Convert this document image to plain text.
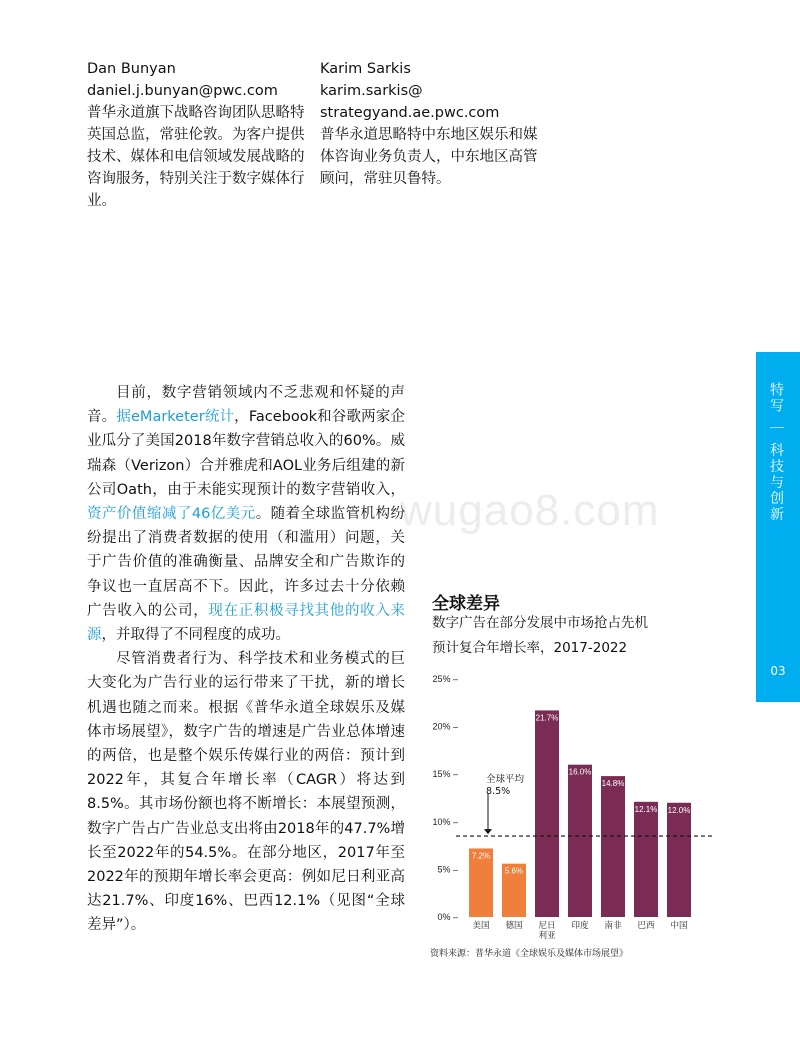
Dan Bunyan
daniel.j.bunyan@pwc.com
普华永道旗下战略咨询团队思略特英国总监，常驻伦敦。为客户提供技术、媒体和电信领域发展战略的咨询服务，特别关注于数字媒体行业。
Karim Sarkis
karim.sarkis@
strategyand.ae.pwc.com
普华永道思略特中东地区娱乐和媒体咨询业务负责人，中东地区高管顾问，常驻贝鲁特。

目前，数字营销领域内不乏悲观和怀疑的声音。据eMarketer统计，Facebook和谷歌两家企业瓜分了美国2018年数字营销总收入的60%。威瑞森（Verizon）合并雅虎和AOL业务后组建的新公司Oath，由于未能实现预计的数字营销收入，资产价值缩减了46亿美元。随着全球监管机构纷纷提出了消费者数据的使用（和滥用）问题，关于广告价值的准确衡量、品牌安全和广告欺诈的争议也一直居高不下。因此，许多过去十分依赖广告收入的公司，现在正积极寻找其他的收入来源，并取得了不同程度的成功。

尽管消费者行为、科学技术和业务模式的巨大变化为广告行业的运行带来了干扰，新的增长机遇也随之而来。根据《普华永道全球娱乐及媒体市场展望》，数字广告的增速是广告业总体增速的两倍，也是整个娱乐传媒行业的两倍：预计到2022年，其复合年增长率（CAGR）将达到8.5%。其市场份额也将不断增长：本展望预测，数字广告占广告业总支出将由2018年的47.7%增长至2022年的54.5%。在部分地区，2017年至2022年的预期年增长率会更高：例如尼日利亚高达21.7%、印度16%、巴西12.1%（见图“全球差异”）。

特写 ｜ 科技与创新
03
wugao8.com
全球差异
数字广告在部分发展中市场抢占先机
预计复合年增长率，2017-2022
0% –
5% –
10% –
15% –
20% –
25% –
7.2%
美国
5.6%
德国
21.7%
尼日
利亚
16.0%
印度
14.8%
南非
12.1%
巴西
12.0%
中国
全球平均
8.5%
资料来源：普华永道《全球娱乐及媒体市场展望》
